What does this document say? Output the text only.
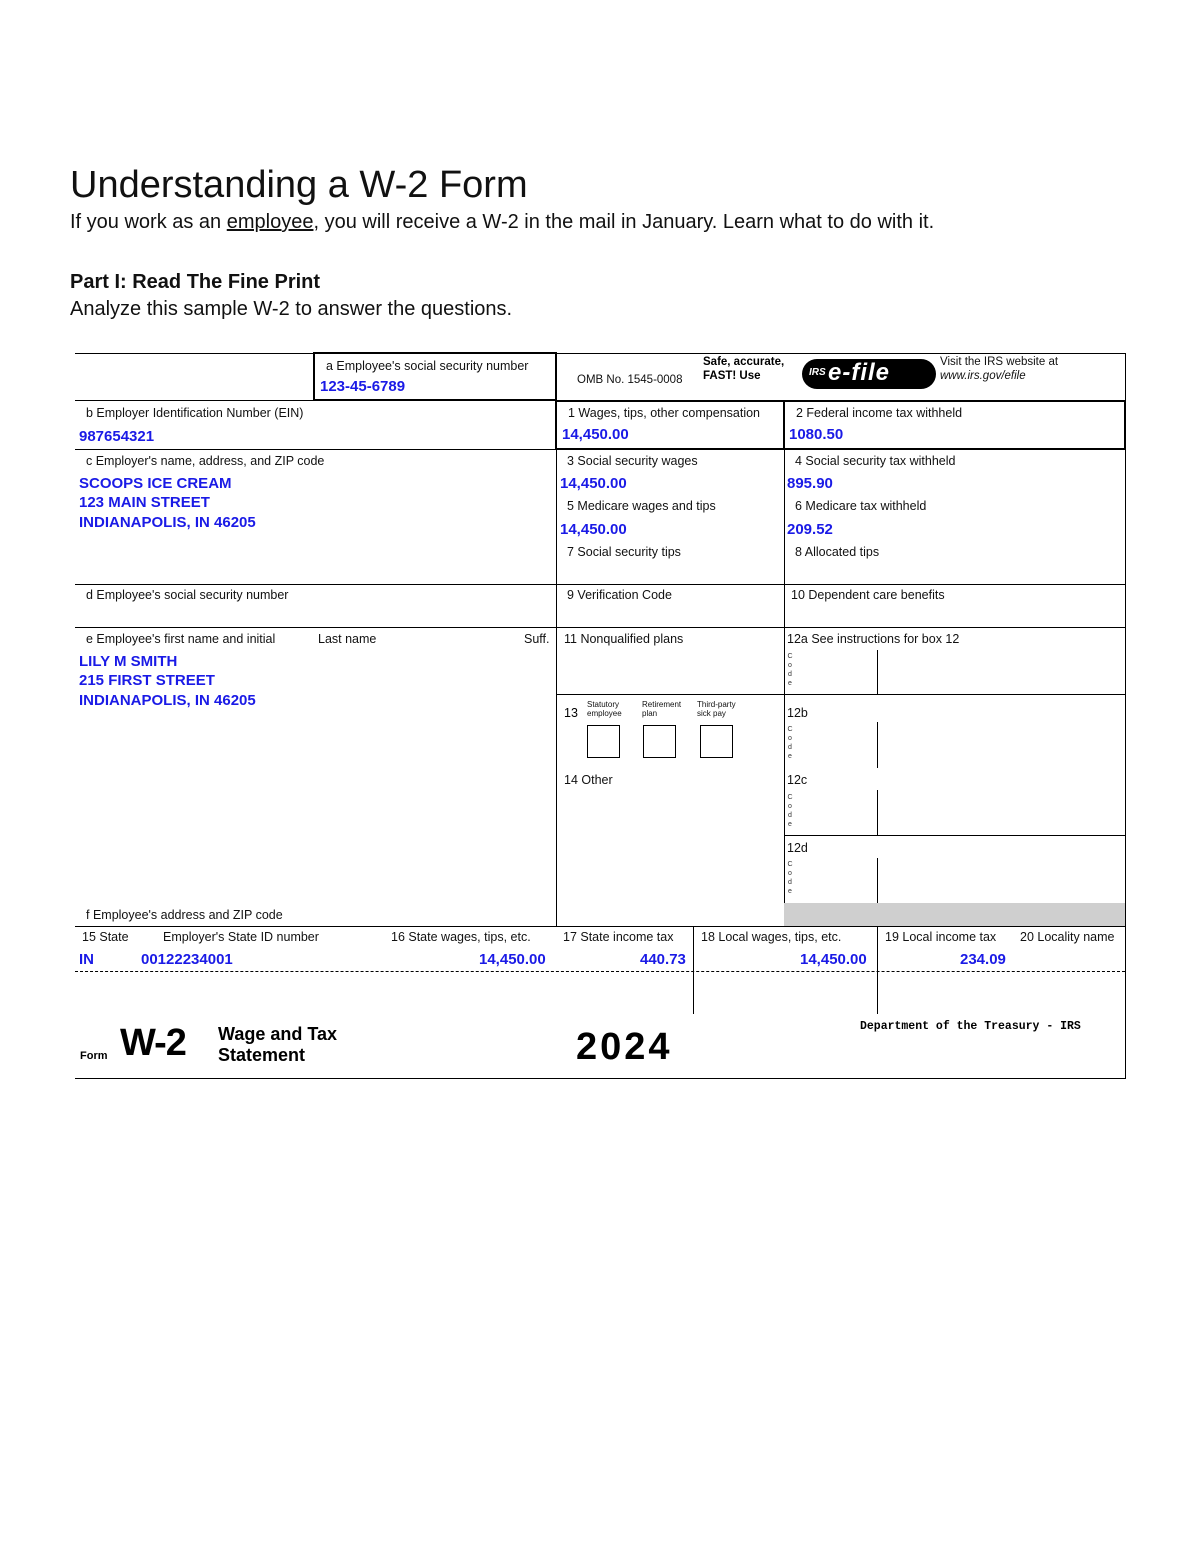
Understanding a W-2 Form
If you work as an employee, you will receive a W-2 in the mail in January. Learn what to do with it.
Part I: Read The Fine Print
Analyze this sample W-2 to answer the questions.
a Employee's social security number
123-45-6789	OMB No. 1545-0008
Safe, accurate,
FAST! Use	IRS e-file	Visit the IRS website at
www.irs.gov/efile
b Employer Identification Number (EIN)
987654321
1 Wages, tips, other compensation
14,450.00
2 Federal income tax withheld
1080.50
c Employer's name, address, and ZIP code
SCOOPS ICE CREAM
123 MAIN STREET
INDIANAPOLIS, IN 46205
3 Social security wages
14,450.00
4 Social security tax withheld
895.90
5 Medicare wages and tips
14,450.00
6 Medicare tax withheld
209.52
7 Social security tips	8 Allocated tips
d Employee's social security number	9 Verification Code	10 Dependent care benefits
e Employee's first name and initial	Last name	Suff.
LILY M SMITH
215 FIRST STREET
INDIANAPOLIS, IN 46205
11 Nonqualified plans	12a See instructions for box 12
C
o
d
e
13
Statutory
employee
Retirement
plan
Third-party
sick pay	12b
C
o
d
e
14 Other	12c
C
o
d
e
12d
C
o
d
e
f Employee's address and ZIP code
15 State	Employer's State ID number	16 State wages, tips, etc.	17 State income tax 18 Local wages, tips, etc.	19 Local income tax 20 Locality name
IN	00122234001	14,450.00	440.73	14,450.00	234.09
Form W-2 Wage and Tax
Statement	2024	Department of the Treasury - IRS
